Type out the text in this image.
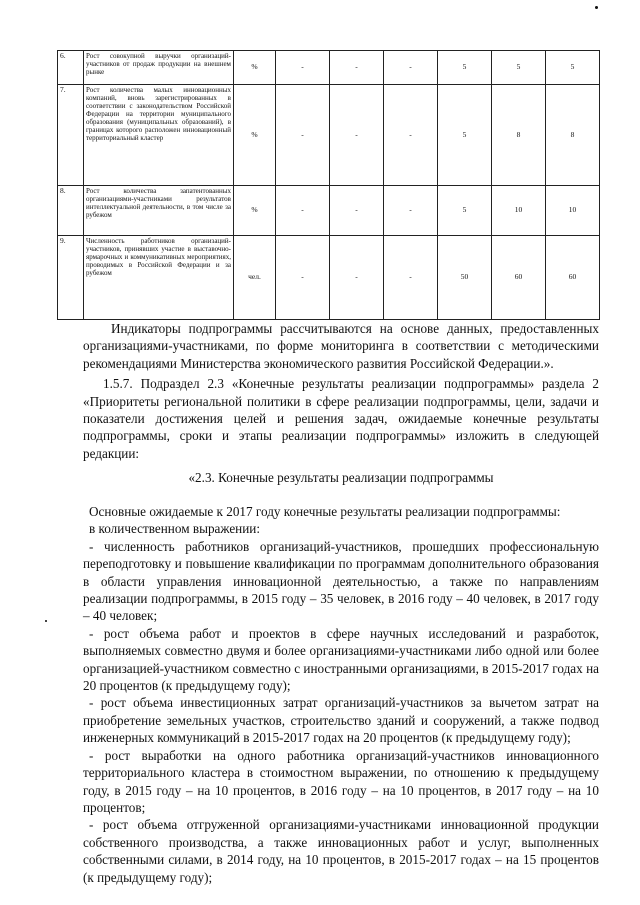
6.	Рост совокупной выручки организаций-участников от продаж продукции на внешнем рынке	%	-	-	-	5	5	5
7.	Рост количества малых инновационных компаний, вновь зарегистрированных в соответствии с законодательством Российской Федерации на территории муниципального образования (муниципальных образований), в границах которого расположен инновационный территориальный кластер	%	-	-	-	5	8	8
8.	Рост количества запатентованных организациями-участниками результатов интеллектуальной деятельности, в том числе за рубежом	%	-	-	-	5	10	10
9.	Численность работников организаций-участников, принявших участие в выставочно-ярмарочных и коммуникативных мероприятиях, проводимых в Российской Федерации и за рубежом	чел.	-	-	-	50	60	60

Индикаторы подпрограммы рассчитываются на основе данных, предоставленных организациями-участниками, по форме мониторинга в соответствии с методическими рекомендациями Министерства экономического развития Российской Федерации.».

1.5.7. Подраздел 2.3 «Конечные результаты реализации подпрограммы» раздела 2 «Приоритеты региональной политики в сфере реализации подпрограммы, цели, задачи и показатели достижения целей и решения задач, ожидаемые конечные результаты подпрограммы, сроки и этапы реализации подпрограммы» изложить в следующей редакции:

«2.3. Конечные результаты реализации подпрограммы

Основные ожидаемые к 2017 году конечные результаты реализации подпрограммы:

в количественном выражении:

- численность работников организаций-участников, прошедших профессиональную переподготовку и повышение квалификации по программам дополнительного образования в области управления инновационной деятельностью, а также по направлениям реализации подпрограммы, в 2015 году – 35 человек, в 2016 году – 40 человек, в 2017 году – 40 человек;

- рост объема работ и проектов в сфере научных исследований и разработок, выполняемых совместно двумя и более организациями-участниками либо одной или более организацией-участником совместно с иностранными организациями, в 2015-2017 годах на 20 процентов (к предыдущему году);

- рост объема инвестиционных затрат организаций-участников за вычетом затрат на приобретение земельных участков, строительство зданий и сооружений, а также подвод инженерных коммуникаций в 2015-2017 годах на 20 процентов (к предыдущему году);

- рост выработки на одного работника организаций-участников инновационного территориального кластера в стоимостном выражении, по отношению к предыдущему году, в 2015 году – на 10 процентов, в 2016 году – на 10 процентов, в 2017 году – на 10 процентов;

- рост объема отгруженной организациями-участниками инновационной продукции собственного производства, а также инновационных работ и услуг, выполненных собственными силами, в 2014 году, на 10 процентов, в 2015-2017 годах – на 15 процентов (к предыдущему году);
